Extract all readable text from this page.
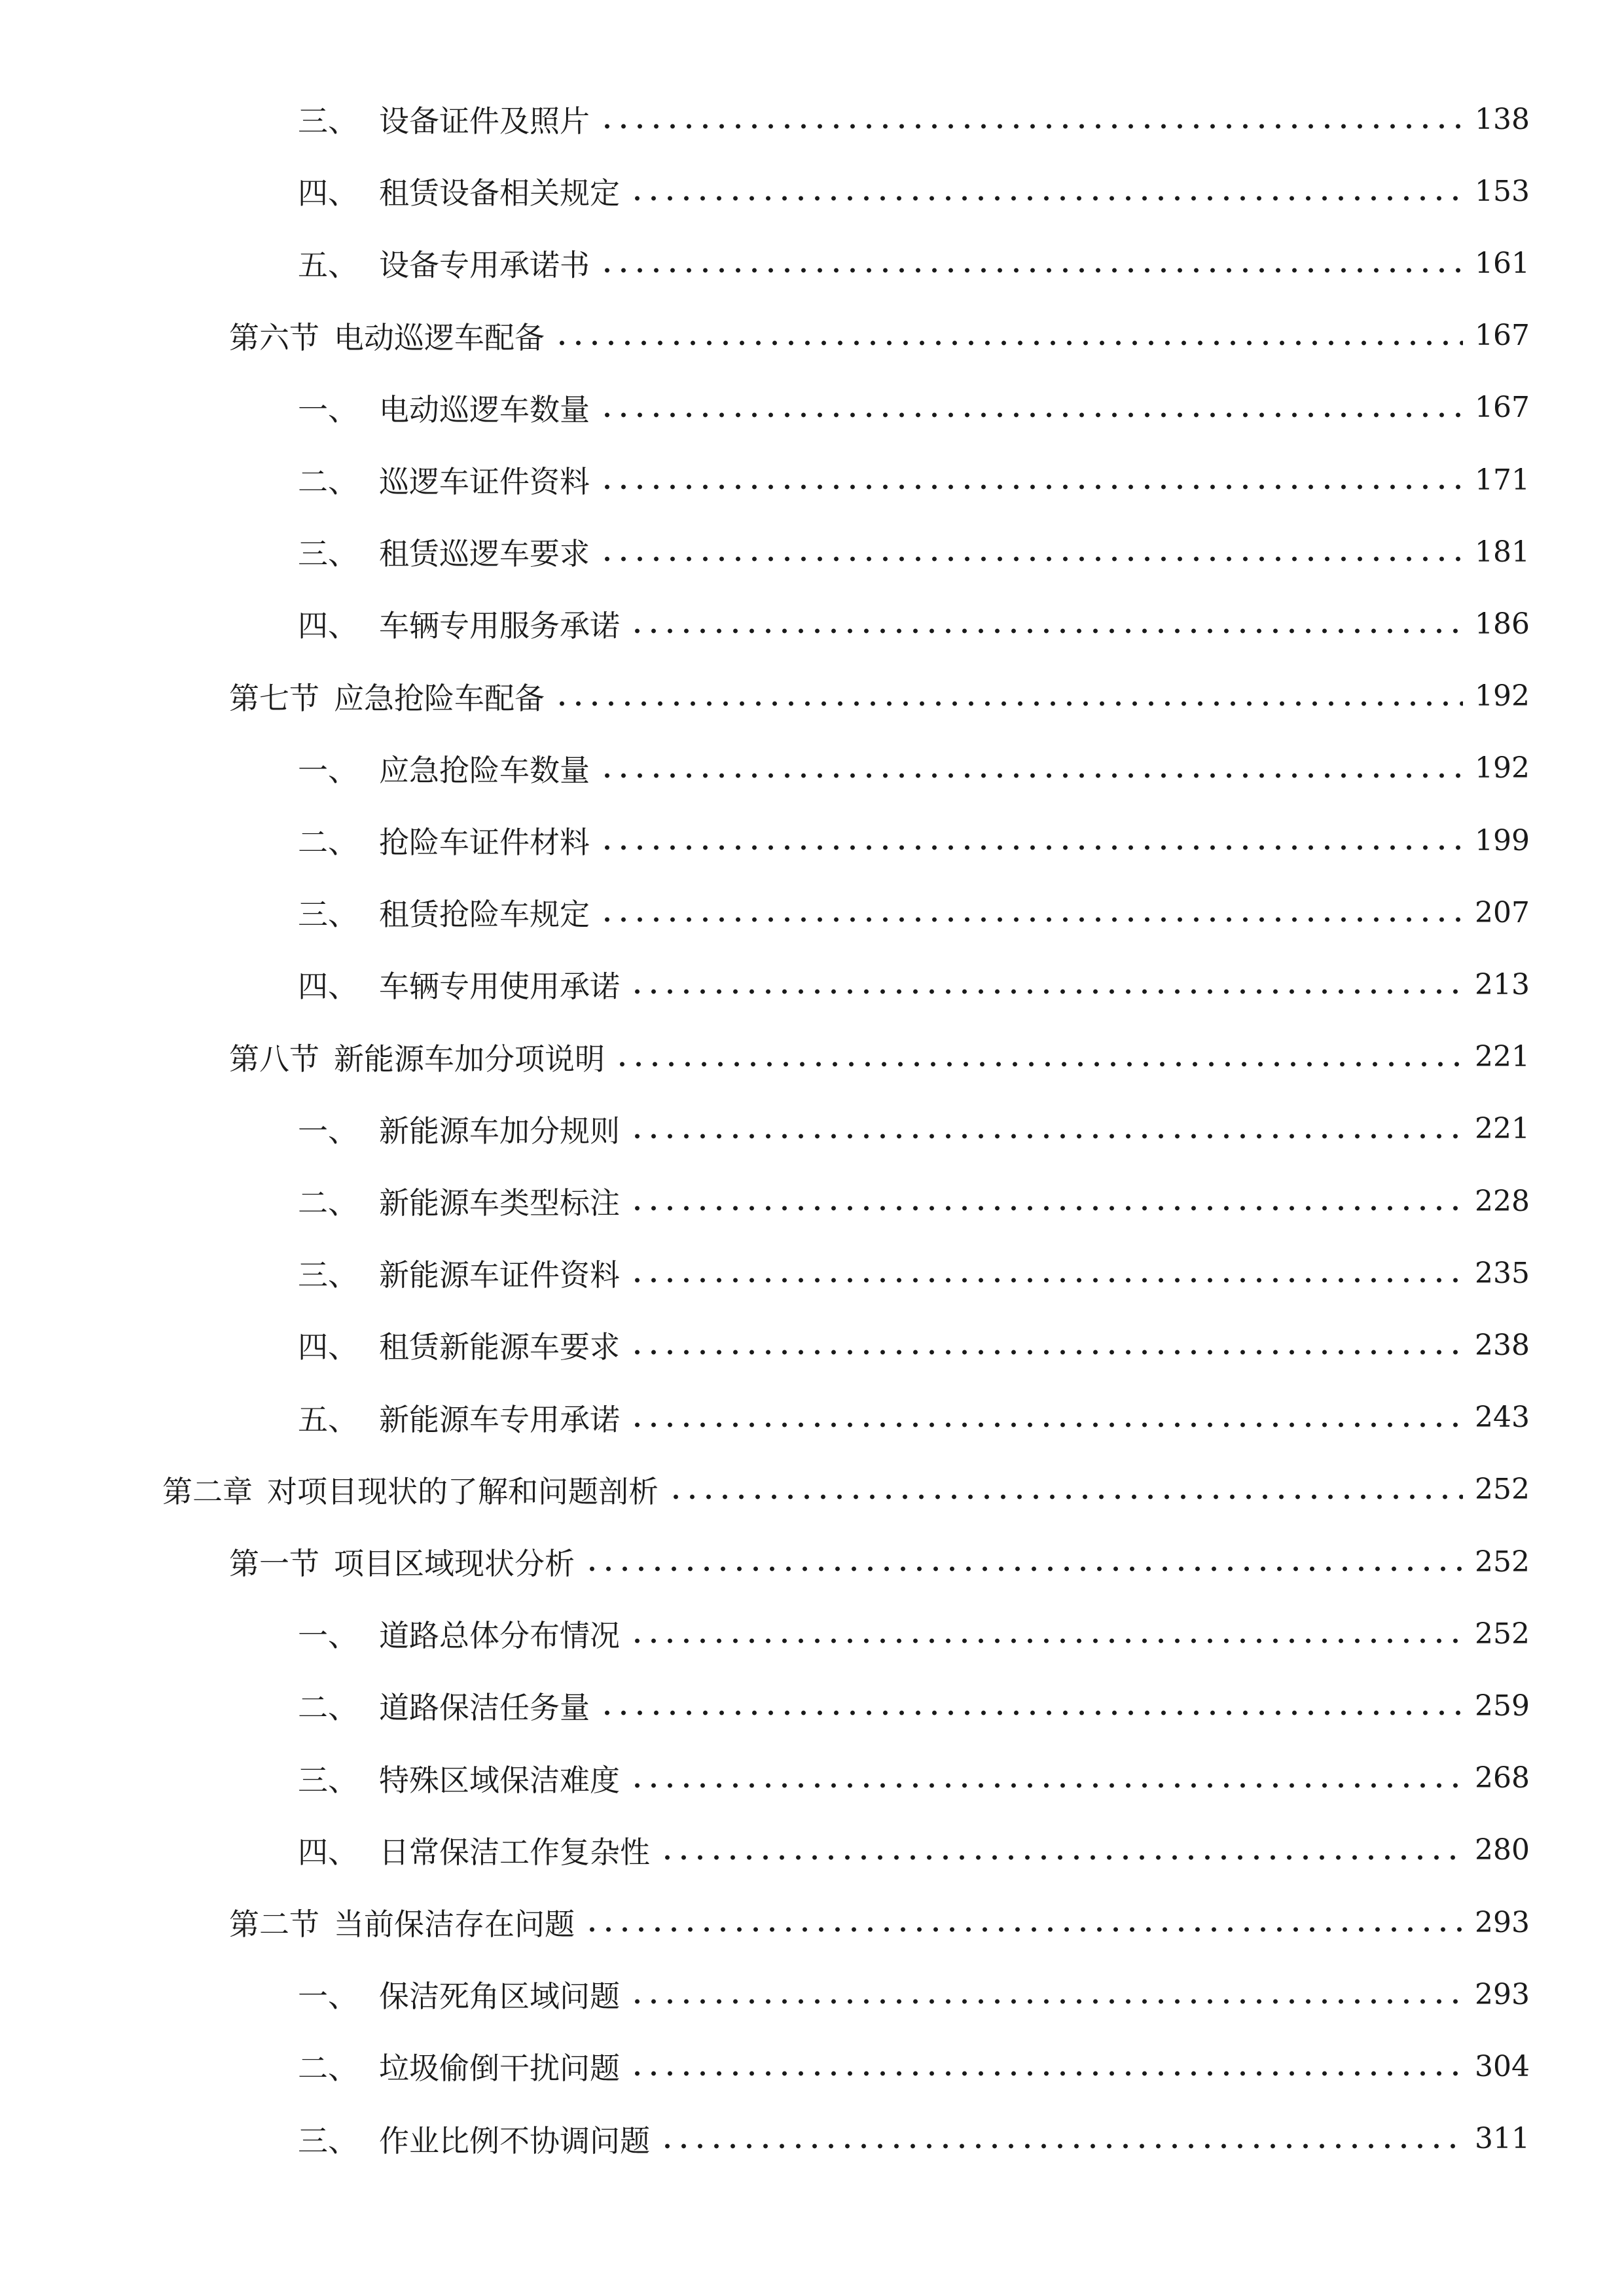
三、 设备证件及照片	138
四、 租赁设备相关规定	153
五、 设备专用承诺书	161
第六节 电动巡逻车配备	167
一、 电动巡逻车数量	167
二、 巡逻车证件资料	171
三、 租赁巡逻车要求	181
四、 车辆专用服务承诺	186
第七节 应急抢险车配备	192
一、 应急抢险车数量	192
二、 抢险车证件材料	199
三、 租赁抢险车规定	207
四、 车辆专用使用承诺	213
第八节 新能源车加分项说明	221
一、 新能源车加分规则	221
二、 新能源车类型标注	228
三、 新能源车证件资料	235
四、 租赁新能源车要求	238
五、 新能源车专用承诺	243
第二章 对项目现状的了解和问题剖析	252
第一节 项目区域现状分析	252
一、 道路总体分布情况	252
二、 道路保洁任务量	259
三、 特殊区域保洁难度	268
四、 日常保洁工作复杂性	280
第二节 当前保洁存在问题	293
一、 保洁死角区域问题	293
二、 垃圾偷倒干扰问题	304
三、 作业比例不协调问题	311
